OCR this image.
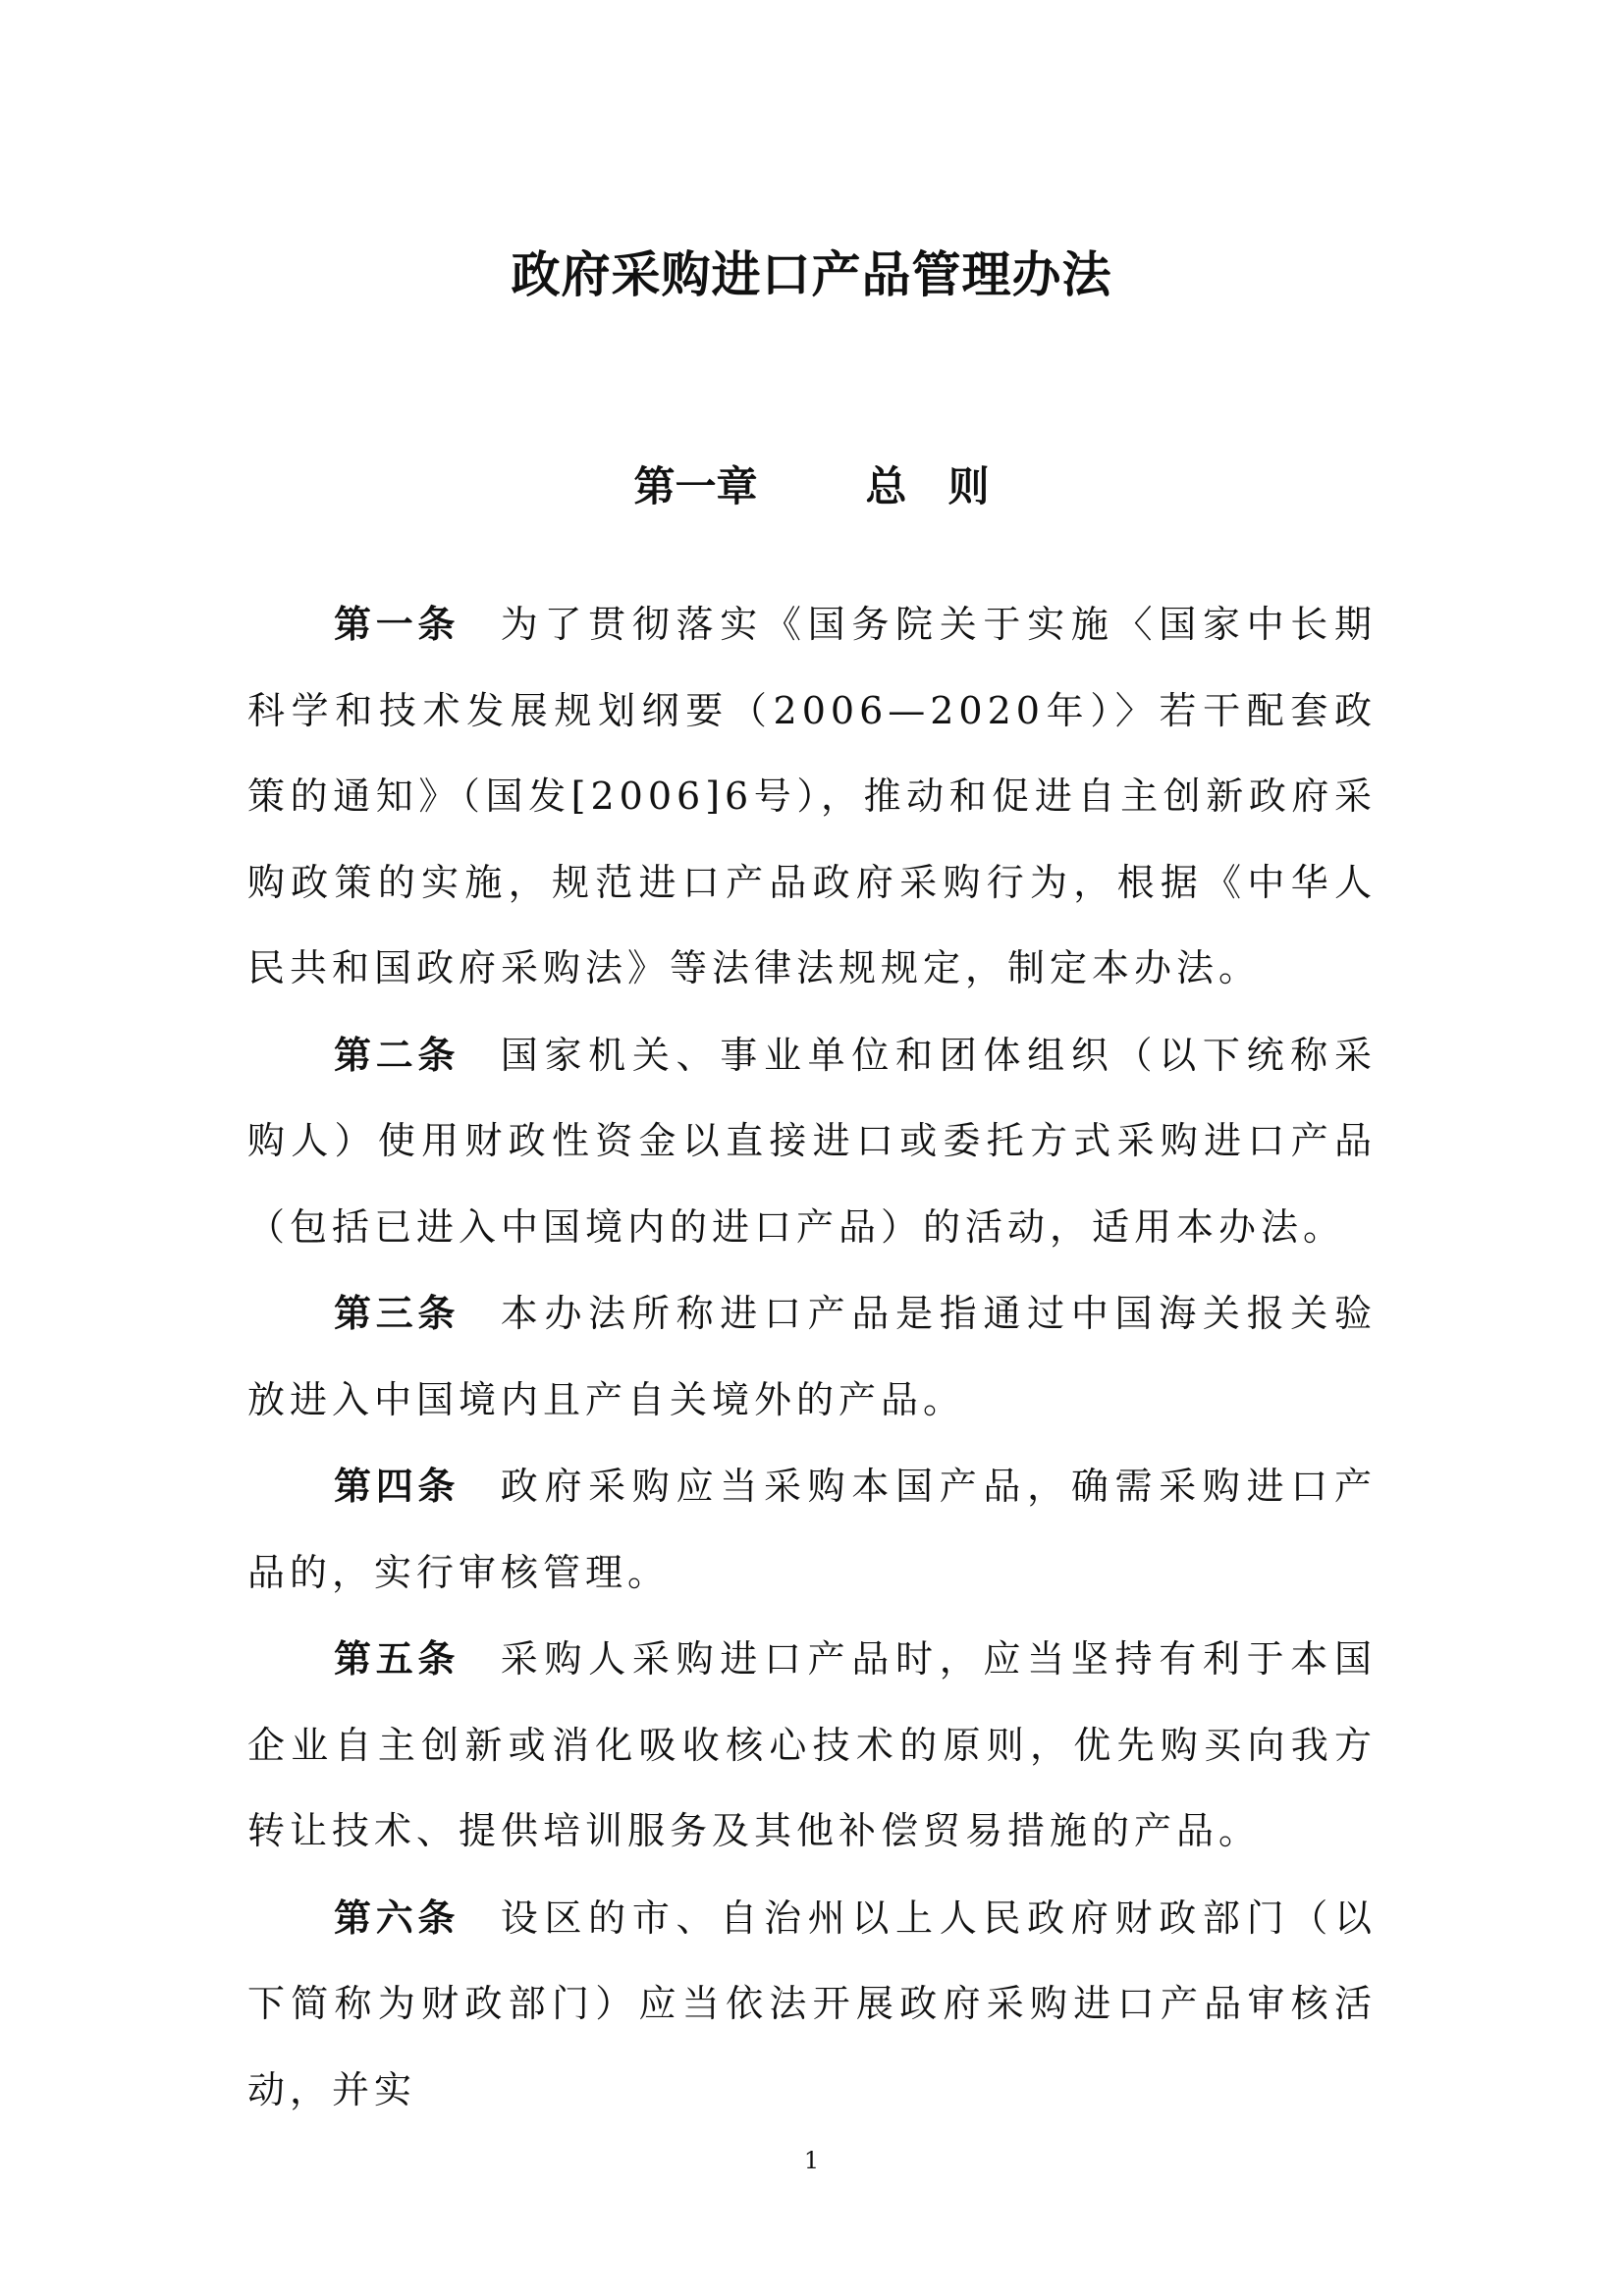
政府采购进口产品管理办法
第一章	总 则

第一条 为了贯彻落实《国务院关于实施〈国家中长期科学和技术发展规划纲要（2006—2020年）〉若干配套政策的通知》（国发[2006]6号），推动和促进自主创新政府采购政策的实施，规范进口产品政府采购行为，根据《中华人民共和国政府采购法》等法律法规规定，制定本办法。

第二条 国家机关、事业单位和团体组织（以下统称采购人）使用财政性资金以直接进口或委托方式采购进口产品（包括已进入中国境内的进口产品）的活动，适用本办法。

第三条 本办法所称进口产品是指通过中国海关报关验放进入中国境内且产自关境外的产品。

第四条 政府采购应当采购本国产品，确需采购进口产品的，实行审核管理。

第五条 采购人采购进口产品时，应当坚持有利于本国企业自主创新或消化吸收核心技术的原则，优先购买向我方转让技术、提供培训服务及其他补偿贸易措施的产品。

第六条 设区的市、自治州以上人民政府财政部门（以下简称为财政部门）应当依法开展政府采购进口产品审核活动，并实

1
